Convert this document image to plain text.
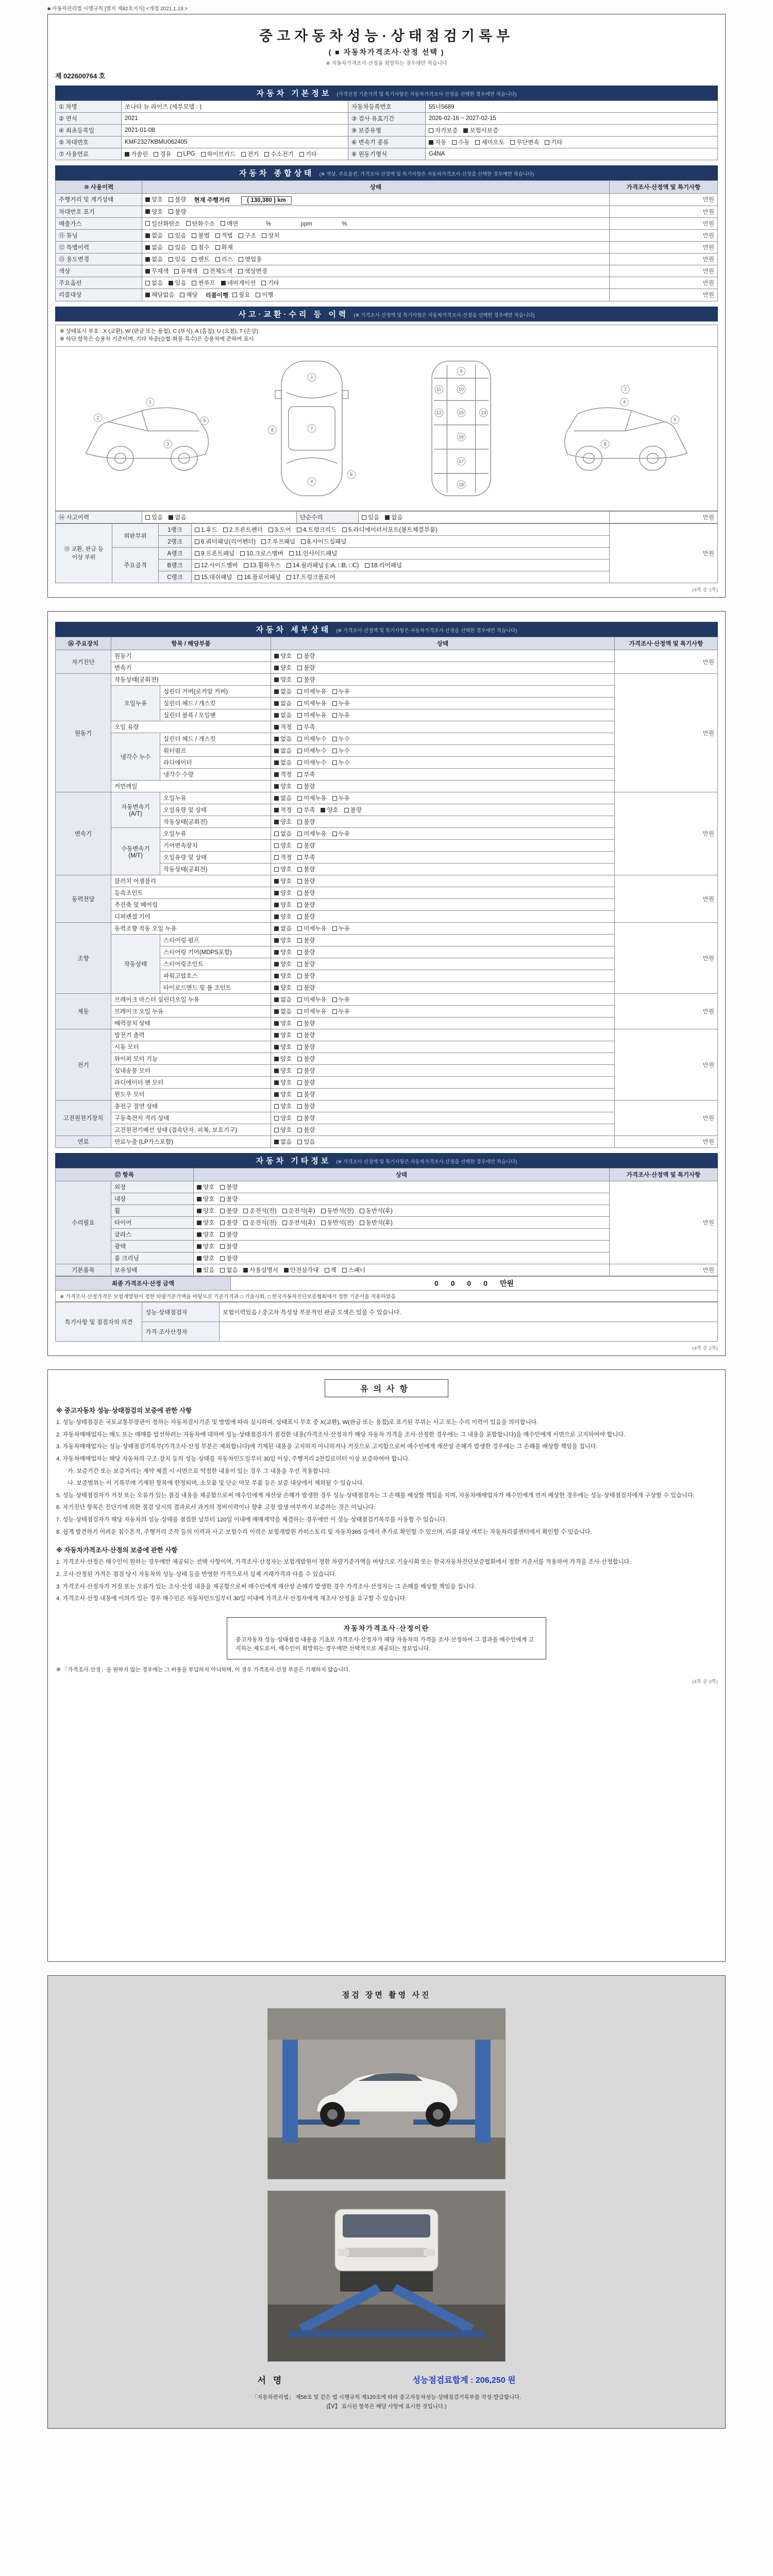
■ 자동차관리법 시행규칙 [별지 제82호서식] <개정 2021.1.19.>
중고자동차성능·상태점검기록부
( ■ 자동차가격조사·산정 선택 )
※ 자동차가격조사·산정을 희망하는 경우에만 적습니다
제 022600764 호
자동차 기본정보 (가격산정 기준가격 및 특기사항은 자동차가격조사·산정을 선택한 경우에만 적습니다)
① 차명	쏘나타 뉴 라이즈 (세부모델 : )	자동차등록번호	55너5689
② 연식	2021	③ 검사 유효기간	2026-02-16 ~ 2027-02-15
④ 최초등록일	2021-01-08	⑨ 보증유형	자가보증 보험사보증

⑤ 차대번호	KMF2327KBMU062405	⑥ 변속기 종류	자동 수동 세미오토 무단변속 기타

⑦ 사용연료	가솔린 경유 LPG 하이브리드 전기 수소전기 기타	⑧ 원동기형식	G4NA
자동차 종합상태 (※ 색상, 주요옵션, 가격조사·산정액 및 특기사항은 자동차가격조사·산정을 선택한 경우에만 적습니다)
⑩ 사용이력	상태	가격조사·산정액 및 특기사항
주행거리 및 계기상태	양호 불량 현재 주행거리 ( 130,380 ) km	만원
차대번호 표기	양호 불량	만원
배출가스	일산화탄소 탄화수소 매연 　　　%　　　　　ppm　　　　　%	만원
⑪ 튜닝	없음 있음 불법 적법 구조 장치	만원
⑫ 특별이력	없음 있음 침수 화재	만원
⑬ 용도변경	없음 있음 렌트 리스 영업용	만원
색상	무채색 유채색 전체도색 색상변경	만원
주요옵션	없음 있음 썬루프 네비게이션 기타	만원
리콜대상	해당없음 해당 리콜이행 필요 이행	만원
사고·교환·수리 등 이력 (※ 가격조사·산정액 및 특기사항은 자동차가격조사·산정을 선택한 경우에만 적습니다)
※ 상태표시 부호 : X (교환), W (판금 또는 용접), C (부식), A (흠집), U (요철), T (손상)
※ 하단 항목은 승용차 기준이며, 기타 차종(승합·화물·특수)은 승용차에 준하여 표시
1
2
3
5
1
7
4
6
8
9
10
11
12	13
15
16
17
18
4
6
8
7
⑭ 사고이력	있음 없음	단순수리	있음 없음	만원
⑮ 교환, 판금 등 이상 부위	외판부위	1랭크	1.후드 2.프론트펜더 3.도어 4.트렁크리드 5.라디에이터서포트(볼트체결부품)	만원
		2랭크	6.쿼터패널(리어펜더) 7.루프패널 8.사이드실패널	

	주요골격	A랭크	9.프론트패널 10.크로스멤버 11.인사이드패널	

		B랭크	12.사이드멤버 13.휠하우스 14.필러패널 (□A, □B, □C) 18.리어패널	

		C랭크	15.대쉬패널 16.플로어패널 17.트렁크플로어	
(4쪽 중 1쪽)
자동차 세부상태 (※ 가격조사·산정액 및 특기사항은 자동차가격조사·산정을 선택한 경우에만 적습니다)
⑯ 주요장치	항목 / 해당부품		상태	가격조사·산정액 및 특기사항
자기진단	원동기		양호 불량	만원
	변속기		양호 불량	

원동기	작동상태(공회전)		양호 불량	만원
	오일누유	실린더 커버(로커암 커버)	없음 미세누유 누유	

		실린더 헤드 / 개스킷	없음 미세누유 누유	

		실린더 블록 / 오일팬	없음 미세누유 누유	

	오일 유량		적정 부족	

	냉각수 누수	실린더 헤드 / 개스킷	없음 미세누수 누수	

		워터펌프	없음 미세누수 누수	

		라디에이터	없음 미세누수 누수	

		냉각수 수량	적정 부족	

	커먼레일		양호 불량	

변속기	자동변속기 (A/T)	오일누유	없음 미세누유 누유	만원
		오일유량 및 상태	적정 부족 양호 불량	

		작동상태(공회전)	양호 불량	

	수동변속기 (M/T)	오일누유	없음 미세누유 누유	

		기어변속장치	양호 불량	

		오일유량 및 상태	적정 부족	

		작동상태(공회전)	양호 불량	

동력전달	클러치 어셈블리		양호 불량	만원
	등속조인트		양호 불량	

	추진축 및 베어링		양호 불량	

	디퍼렌셜 기어		양호 불량	

조향	동력조향 작동 오일 누유		없음 미세누유 누유	만원
	작동상태	스티어링 펌프	양호 불량	

		스티어링 기어(MDPS포함)	양호 불량	

		스티어링조인트	양호 불량	

		파워고압호스	양호 불량	

		타이로드엔드 및 볼 조인트	양호 불량	

제동	브레이크 마스터 실린더오일 누유		없음 미세누유 누유	만원
	브레이크 오일 누유		없음 미세누유 누유	

	배력장치 상태		양호 불량	

전기	발전기 출력		양호 불량	만원
	시동 모터		양호 불량	

	와이퍼 모터 기능		양호 불량	

	실내송풍 모터		양호 불량	

	라디에이터 팬 모터		양호 불량	

	윈도우 모터		양호 불량	

고전원전기장치	충전구 절연 상태		양호 불량	만원
	구동축전지 격리 상태		양호 불량	

	고전원전기배선 상태 (접속단자, 피복, 보호기구)		양호 불량	

연료	연료누출 (LP가스포함)		없음 있음	만원
자동차 기타정보 (※ 가격조사·산정액 및 특기사항은 자동차가격조사·산정을 선택한 경우에만 적습니다)
⑰ 항목		상태	가격조사·산정액 및 특기사항
수리필요	외장	양호 불량	만원
	내장	양호 불량	

휠	양호 불량 운전석(전) 운전석(후) 동반석(전) 동반석(후)

타이어	양호 불량 운전석(전) 운전석(후) 동반석(전) 동반석(후)

	글라스	양호 불량	

	광택	양호 불량	

	룸 크리닝	양호 불량	

기본품목	보유상태	있음 없음 사용설명서 안전삼각대 잭 스패너	만원
최종 가격조사·산정 금액	0 0 0 0 만원
※ 가격조사·산정가격은 보험개발원이 정한 차량기준가액을 바탕으로 기준가격과 □ 기술사회, □ 한국자동차진단보증협회에서 정한 기준서를 적용하였음
특기사항 및 점검자의 의견	성능·상태점검자	보험이력있음 / 중고차 특성상 부분적인 판금 도색은 있을 수 있습니다.
	가격·조사산정자	
(4쪽 중 2쪽)
유의사항
※ 중고자동차 성능·상태점검의 보증에 관한 사항
1. 성능·상태점검은 국토교통부장관이 정하는 자동차검사기준 및 방법에 따라 실시하며, 상태표시 부호 중 X(교환), W(판금 또는 용접)로 표기된 부위는 사고 또는 수리 이력이 있음을 의미합니다.
2. 자동차매매업자는 매도 또는 매매를 알선하려는 자동차에 대하여 성능·상태점검자가 점검한 내용(가격조사·산정자가 해당 자동차 가격을 조사·산정한 경우에는 그 내용을 포함합니다)을 매수인에게 서면으로 고지하여야 합니다.
3. 자동차매매업자는 성능·상태점검기록부(가격조사·산정 부분은 제외합니다)에 기재된 내용을 고지하지 아니하거나 거짓으로 고지함으로써 매수인에게 재산상 손해가 발생한 경우에는 그 손해를 배상할 책임을 집니다.
4. 자동차매매업자는 해당 자동차의 구조·장치 등의 성능·상태를 자동차인도일부터 30일 이상, 주행거리 2천킬로미터 이상 보증하여야 합니다.
가. 보증기간 또는 보증거리는 계약 체결 시 서면으로 약정한 내용이 있는 경우 그 내용을 우선 적용합니다.
나. 보증범위는 이 기록부에 기재된 항목에 한정되며, 소모품 및 단순 마모 부품 등은 보증 대상에서 제외될 수 있습니다.
5. 성능·상태점검자가 거짓 또는 오류가 있는 점검 내용을 제공함으로써 매수인에게 재산상 손해가 발생한 경우 성능·상태점검자는 그 손해를 배상할 책임을 지며, 자동차매매업자가 매수인에게 먼저 배상한 경우에는 성능·상태점검자에게 구상할 수 있습니다.
6. 자기진단 항목은 진단기에 의한 점검 당시의 결과로서 과거의 정비이력이나 향후 고장 발생 여부까지 보증하는 것은 아닙니다.
7. 성능·상태점검자가 해당 자동차의 성능·상태를 점검한 날부터 120일 이내에 매매계약을 체결하는 경우에만 이 성능·상태점검기록부를 사용할 수 있습니다.
8. 쉽게 발견하기 어려운 침수흔적, 주행거리 조작 등의 이력과 사고·보험수리 이력은 보험개발원 카히스토리 및 자동차365 등에서 추가로 확인할 수 있으며, 리콜 대상 여부는 자동차리콜센터에서 확인할 수 있습니다.
※ 자동차가격조사·산정의 보증에 관한 사항
1. 가격조사·산정은 매수인이 원하는 경우에만 제공되는 선택 사항이며, 가격조사·산정자는 보험개발원이 정한 차량기준가액을 바탕으로 기술사회 또는 한국자동차진단보증협회에서 정한 기준서를 적용하여 가격을 조사·산정합니다.
2. 조사·산정된 가격은 점검 당시 자동차의 성능·상태 등을 반영한 가격으로서 실제 거래가격과 다를 수 있습니다.
3. 가격조사·산정자가 거짓 또는 오류가 있는 조사·산정 내용을 제공함으로써 매수인에게 재산상 손해가 발생한 경우 가격조사·산정자는 그 손해를 배상할 책임을 집니다.
4. 가격조사·산정 내용에 이의가 있는 경우 매수인은 자동차인도일부터 30일 이내에 가격조사·산정자에게 재조사·산정을 요구할 수 있습니다.
자동차가격조사·산정이란
중고자동차 성능·상태점검 내용을 기초로 가격조사·산정자가 해당 자동차의 가격을 조사·산정하여 그 결과를 매수인에게 고지하는 제도로서, 매수인이 희망하는 경우에만 선택적으로 제공되는 정보입니다.
※ 「가격조사·산정」을 원하지 않는 경우에는 그 비용을 부담하지 아니하며, 이 경우 가격조사·산정 부분은 기재하지 않습니다.
(4쪽 중 3쪽)
점검 장면 촬영 사진
서명	성능점검료합계 : 206,250 원
「자동차관리법」 제58조 및 같은 법 시행규칙 제120조에 따라 중고자동차성능·상태점검기록부를 작성·발급합니다.
(【Ⅴ】 표시된 항목은 해당 사항에 표시한 것입니다.)
